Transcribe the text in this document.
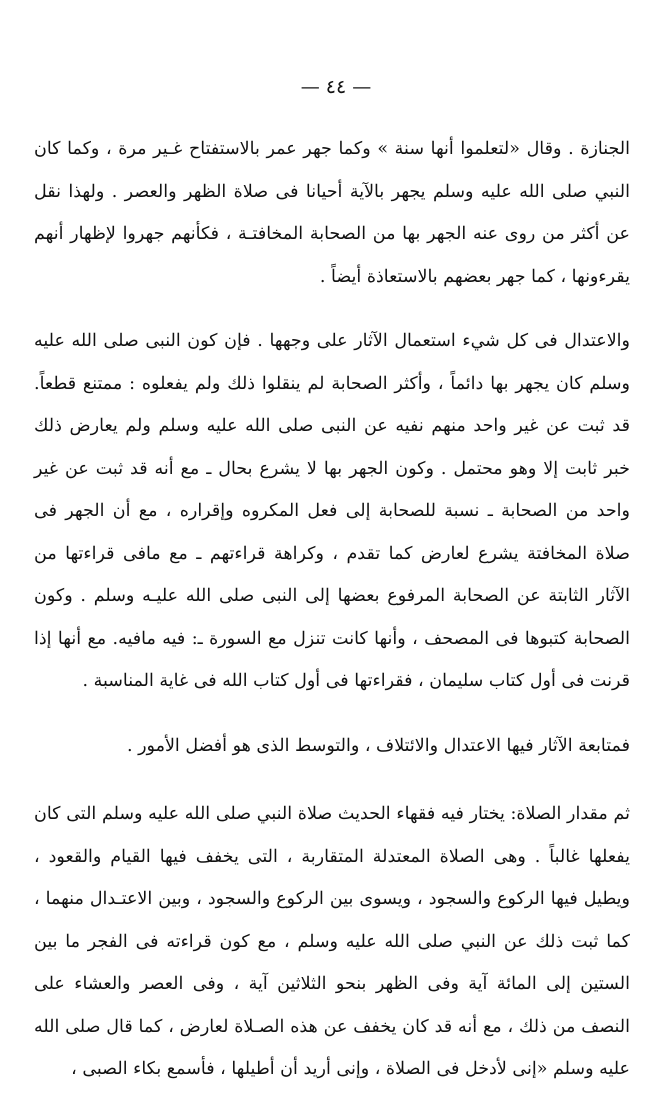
— ٤٤ —

الجنازة . وقال «لتعلموا أنها سنة » وكما جهر عمر بالاستفتاح غـير مرة ، وكما كان النبي صلى الله عليه وسلم يجهر بالآية أحيانا فى صلاة الظهر والعصر . ولهذا نقل عن أكثر من روى عنه الجهر بها من الصحابة المخافتـة ، فكأنهم جهروا لإظهار أنهم يقرءونها ، كما جهر بعضهم بالاستعاذة أيضاً .

والاعتدال فى كل شيء استعمال الآثار على وجهها . فإن كون النبى صلى الله عليه وسلم كان يجهر بها دائماً ، وأكثر الصحابة لم ينقلوا ذلك ولم يفعلوه : ممتنع قطعاً. قد ثبت عن غير واحد منهم نفيه عن النبى صلى الله عليه وسلم ولم يعارض ذلك خبر ثابت إلا وهو محتمل . وكون الجهر بها لا يشرع بحال ـ مع أنه قد ثبت عن غير واحد من الصحابة ـ نسبة للصحابة إلى فعل المكروه وإقراره ، مع أن الجهر فى صلاة المخافتة يشرع لعارض كما تقدم ، وكراهة قراءتهم ـ مع مافى قراءتها من الآثار الثابتة عن الصحابة المرفوع بعضها إلى النبى صلى الله عليـه وسلم . وكون الصحابة كتبوها فى المصحف ، وأنها كانت تنزل مع السورة ـ: فيه مافيه. مع أنها إذا قرنت فى أول كتاب سليمان ، فقراءتها فى أول كتاب الله فى غاية المناسبة .

فمتابعة الآثار فيها الاعتدال والائتلاف ، والتوسط الذى هو أفضل الأمور .

ثم مقدار الصلاة: يختار فيه فقهاء الحديث صلاة النبي صلى الله عليه وسلم التى كان يفعلها غالباً . وهى الصلاة المعتدلة المتقاربة ، التى يخفف فيها القيام والقعود ، ويطيل فيها الركوع والسجود ، ويسوى بين الركوع والسجود ، وبين الاعتـدال منهما ، كما ثبت ذلك عن النبي صلى الله عليه وسلم ، مع كون قراءته فى الفجر ما بين الستين إلى المائة آية وفى الظهر بنحو الثلاثين آية ، وفى العصر والعشاء على النصف من ذلك ، مع أنه قد كان يخفف عن هذه الصـلاة لعارض ، كما قال صلى الله عليه وسلم «إنى لأدخل فى الصلاة ، وإنى أريد أن أطيلها ، فأسمع بكاء الصبى ،
